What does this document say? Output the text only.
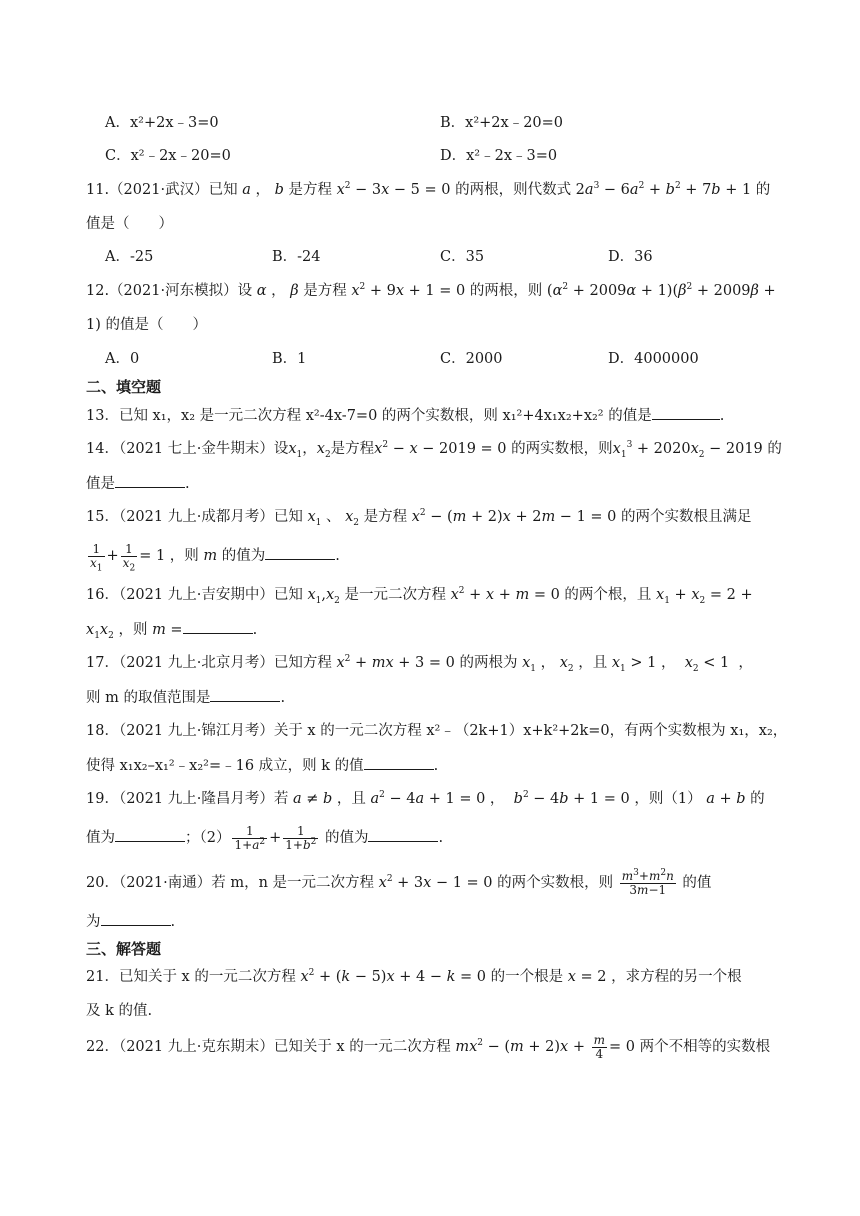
A．x²+2x﹣3=0	B．x²+2x﹣20=0
C．x²﹣2x﹣20=0	D．x²﹣2x﹣3=0
11.（2021·武汉）已知 a ， b 是方程 $x^2 - 3x - 5 = 0$ 的两根，则代数式 $2a^3 - 6a^2 + b^2 + 7b + 1$ 的
值是（　　）
A．-25	B．-24	C．35	D．36
12.（2021·河东模拟）设 α ， β 是方程 $x^2 + 9x + 1 = 0$ 的两根，则 $(\alpha^2 + 2009\alpha + 1)(\beta^2 + 2009\beta$ +
1) 的值是（　　）
A．0	B．1	C．2000	D．4000000
二、填空题
13．已知 x₁，x₂ 是一元二次方程 x²-4x-7=0 的两个实数根，则 x₁²+4x₁x₂+x₂² 的值是	.
14．（2021 七上·金牛期末）设$x_1$，$x_2$是方程$x^2 - x - 2019 = 0$ 的两实数根，则$x_1^3 + 2020x_2 - 2019$ 的
值是	.
15．（2021 九上·成都月考）已知 $x_1$ 、 $x_2$ 是方程 $x^2 - (m + 2)x + 2m - 1 = 0$ 的两个实数根且满足
$\frac{1}{x_1} + \frac{1}{x_2} = 1$ ，则 m 的值为	.
16．（2021 九上·吉安期中）已知 $x_1,x_2$ 是一元二次方程 $x^2 + x + m = 0$ 的两个根，且 $x_1 + x_2 = 2$ +
$x_1x_2$ ，则 m =	.
17．（2021 九上·北京月考）已知方程 $x^2$ + mx + 3 = 0 的两根为 $x_1$ ， $x_2$ ，且 $x_1 > 1$ ，  $x_2 < 1$  ，
则 m 的取值范围是	.
18．（2021 九上·锦江月考）关于 x 的一元二次方程 x²﹣（2k+1）x+k²+2k=0，有两个实数根为 x₁，x₂，
使得 x₁x₂–x₁²﹣x₂²=﹣16 成立，则 k 的值	.
19．（2021 九上·隆昌月考）若 a ≠ b ，且 $a^2 - 4a + 1 = 0$ ，  $b^2 - 4b + 1 = 0$ ，则（1） a + b 的
值为	；$(2) \frac{1}{1+a^2} + \frac{1}{1+b^2}$ 的值为	.
20．（2021·南通）若 m，n 是一元二次方程 $x^2 + 3x - 1 = 0$ 的两个实数根，则 $\frac{m^3+m^2n}{3m-1}$ 的值
为	.
三、解答题
21．已知关于 x 的一元二次方程 $x^2 + (k - 5)x + 4 - k = 0$ 的一个根是 x = 2 ，求方程的另一个根
及 k 的值.
22．（2021 九上·克东期末）已知关于 x 的一元二次方程 $mx^2 - (m + 2)x + \frac{m}{4} = 0$ 两个不相等的实数根
